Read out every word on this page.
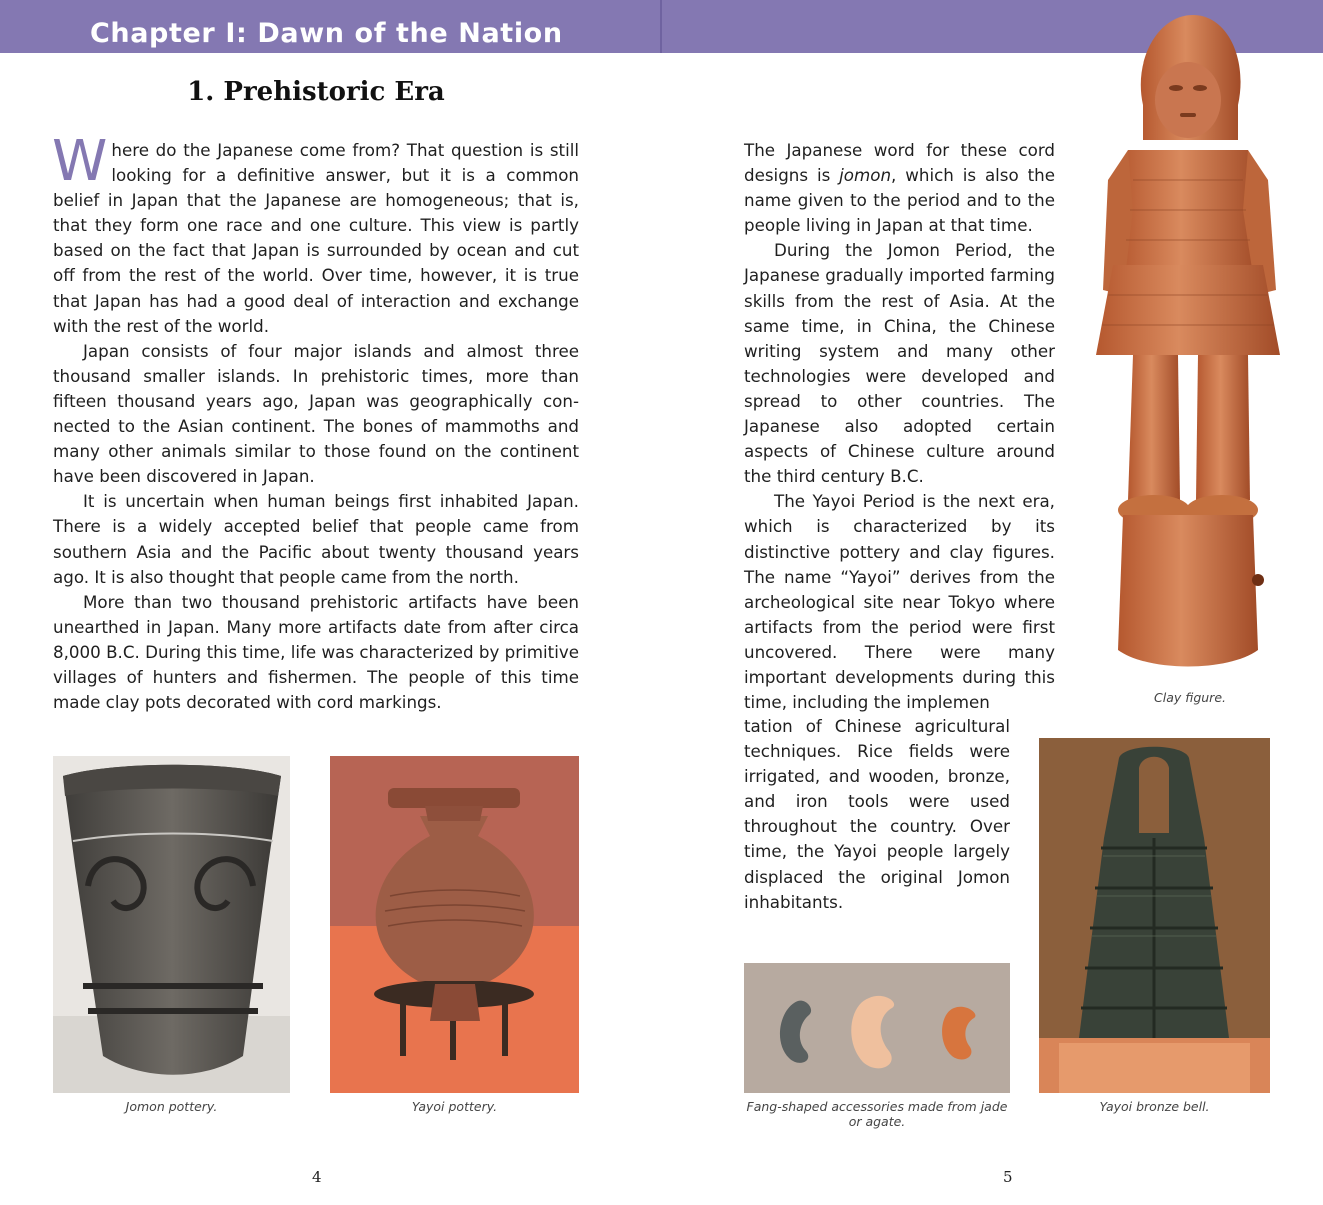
Chapter I: Dawn of the Nation
1. Prehistoric Era

Where do the Japanese come from? That question is still looking for a definitive answer, but it is a common belief in Japan that the Japanese are homogeneous; that is, that they form one race and one culture. This view is partly based on the fact that Japan is surrounded by ocean and cut off from the rest of the world. Over time, however, it is true that Japan has had a good deal of interaction and exchange with the rest of the world.

Japan consists of four major islands and almost three thousand smaller islands. In prehistoric times, more than fifteen thousand years ago, Japan was geographically connected to the Asian continent. The bones of mammoths and many other animals similar to those found on the continent have been discovered in Japan.

It is uncertain when human beings first inhabited Japan. There is a widely accepted belief that people came from southern Asia and the Pacific about twenty thousand years ago. It is also thought that people came from the north.

More than two thousand prehistoric artifacts have been unearthed in Japan. Many more artifacts date from after circa 8,000 B.C. During this time, life was characterized by primitive villages of hunters and fishermen. The people of this time made clay pots decorated with cord markings.

The Japanese word for these cord designs is jomon, which is also the name given to the period and to the people living in Japan at that time.

During the Jomon Period, the Japanese gradually imported farming skills from the rest of Asia. At the same time, in China, the Chinese writing system and many other technologies were developed and spread to other countries. The Japanese also adopted certain aspects of Chinese culture around the third century B.C.

The Yayoi Period is the next era, which is characterized by its distinctive pottery and clay figures. The name “Yayoi” derives from the archeological site near Tokyo where artifacts from the period were first uncovered. There were many important developments during this time, including the implemen

tation of Chinese agricultural techniques. Rice fields were irrigated, and wooden, bronze, and iron tools were used throughout the country. Over time, the Yayoi people largely displaced the original Jomon inhabitants.

Clay figure.
Jomon pottery.	Yayoi pottery.	Fang-shaped accessories made from jade or agate.
Yayoi bronze bell.
4	5
